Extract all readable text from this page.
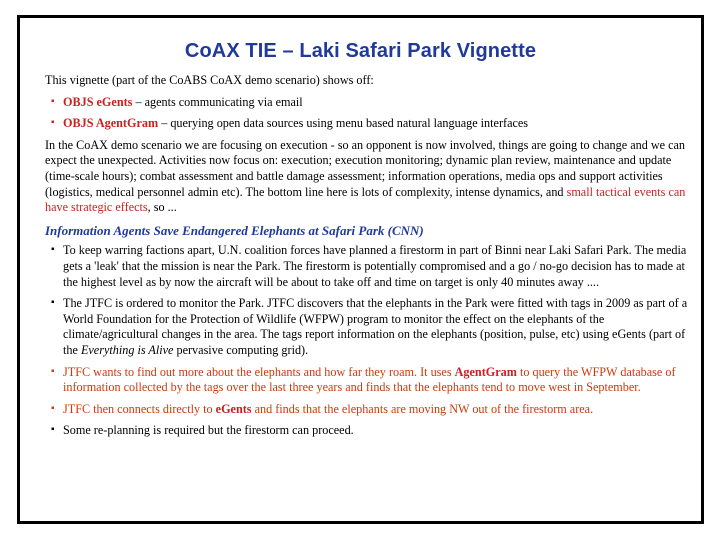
CoAX TIE – Laki Safari Park Vignette

This vignette (part of the CoABS CoAX demo scenario) shows off:

▪ OBJS eGents – agents communicating via email
▪ OBJS AgentGram – querying open data sources using menu based natural language interfaces

In the CoAX demo scenario we are focusing on execution - so an opponent is now involved, things are going to change and we can expect the unexpected. Activities now focus on: execution; execution monitoring; dynamic plan review, maintenance and update (time-scale hours); combat assessment and battle damage assessment; information operations, media ops and support activities (logistics, medical personnel admin etc). The bottom line here is lots of complexity, intense dynamics, and small tactical events can have strategic effects, so ...

Information Agents Save Endangered Elephants at Safari Park (CNN)

▪ To keep warring factions apart, U.N. coalition forces have planned a firestorm in part of Binni near Laki Safari Park. The media gets a 'leak' that the mission is near the Park. The firestorm is potentially compromised and a go / no-go decision has to made at the highest level as by now the aircraft will be about to take off and time on target is only 40 minutes away ....
▪ The JTFC is ordered to monitor the Park. JTFC discovers that the elephants in the Park were fitted with tags in 2009 as part of a World Foundation for the Protection of Wildlife (WFPW) program to monitor the effect on the elephants of the climate/agricultural changes in the area. The tags report information on the elephants (position, pulse, etc) using eGents (part of the Everything is Alive pervasive computing grid).
▪ JTFC wants to find out more about the elephants and how far they roam. It uses AgentGram to query the WFPW database of information collected by the tags over the last three years and finds that the elephants tend to move west in September.
▪ JTFC then connects directly to eGents and finds that the elephants are moving NW out of the firestorm area.
▪ Some re-planning is required but the firestorm can proceed.
